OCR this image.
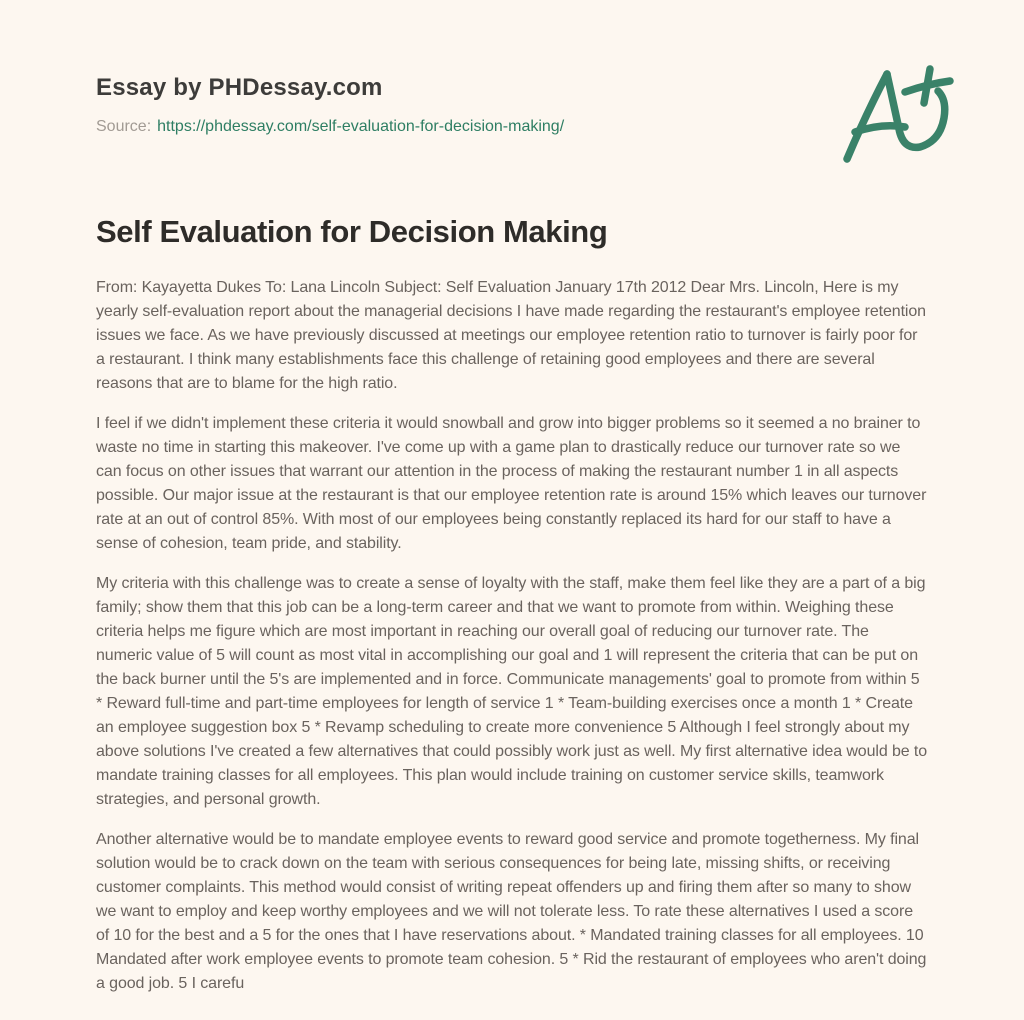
Essay by PHDessay.com
Source: https://phdessay.com/self-evaluation-for-decision-making/
Self Evaluation for Decision Making

From: Kayayetta Dukes To: Lana Lincoln Subject: Self Evaluation January 17th 2012 Dear Mrs. Lincoln, Here is my yearly self-evaluation report about the managerial decisions I have made regarding the restaurant's employee retention issues we face. As we have previously discussed at meetings our employee retention ratio to turnover is fairly poor for a restaurant. I think many establishments face this challenge of retaining good employees and there are several reasons that are to blame for the high ratio.

I feel if we didn't implement these criteria it would snowball and grow into bigger problems so it seemed a no brainer to waste no time in starting this makeover. I've come up with a game plan to drastically reduce our turnover rate so we can focus on other issues that warrant our attention in the process of making the restaurant number 1 in all aspects possible. Our major issue at the restaurant is that our employee retention rate is around 15% which leaves our turnover rate at an out of control 85%. With most of our employees being constantly replaced its hard for our staff to have a sense of cohesion, team pride, and stability.

My criteria with this challenge was to create a sense of loyalty with the staff, make them feel like they are a part of a big family; show them that this job can be a long-term career and that we want to promote from within. Weighing these criteria helps me figure which are most important in reaching our overall goal of reducing our turnover rate. The numeric value of 5 will count as most vital in accomplishing our goal and 1 will represent the criteria that can be put on the back burner until the 5's are implemented and in force. Communicate managements' goal to promote from within 5 * Reward full-time and part-time employees for length of service 1 * Team-building exercises once a month 1 * Create an employee suggestion box 5 * Revamp scheduling to create more convenience 5 Although I feel strongly about my above solutions I've created a few alternatives that could possibly work just as well. My first alternative idea would be to mandate training classes for all employees. This plan would include training on customer service skills, teamwork strategies, and personal growth.

Another alternative would be to mandate employee events to reward good service and promote togetherness. My final solution would be to crack down on the team with serious consequences for being late, missing shifts, or receiving customer complaints. This method would consist of writing repeat offenders up and firing them after so many to show we want to employ and keep worthy employees and we will not tolerate less. To rate these alternatives I used a score of 10 for the best and a 5 for the ones that I have reservations about. * Mandated training classes for all employees. 10 Mandated after work employee events to promote team cohesion. 5 * Rid the restaurant of employees who aren't doing a good job. 5 I carefu
